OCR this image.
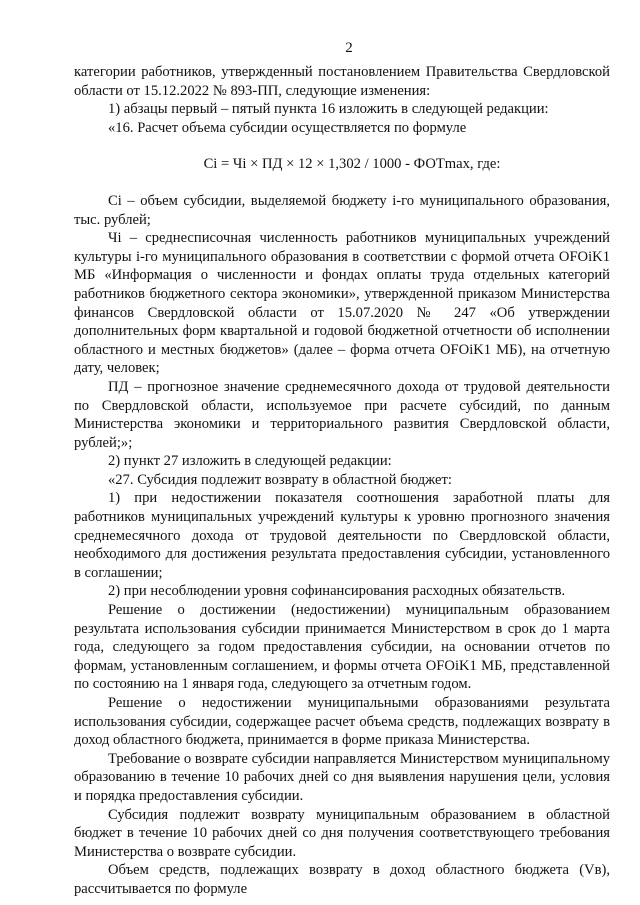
2

категории работников, утвержденный постановлением Правительства Свердловской области от 15.12.2022 № 893-ПП, следующие изменения:

1) абзацы первый – пятый пункта 16 изложить в следующей редакции:

«16. Расчет объема субсидии осуществляется по формуле

Ci = Чi × ПД × 12 × 1,302 / 1000 - ФОТmax, где:

Ci – объем субсидии, выделяемой бюджету i-го муниципального образования, тыс. рублей;

Чi – среднесписочная численность работников муниципальных учреждений культуры i-го муниципального образования в соответствии с формой отчета ОFOiK1 МБ «Информация о численности и фондах оплаты труда отдельных категорий работников бюджетного сектора экономики», утвержденной приказом Министерства финансов Свердловской области от 15.07.2020 № 247 «Об утверждении дополнительных форм квартальной и годовой бюджетной отчетности об исполнении областного и местных бюджетов» (далее – форма отчета ОFOiK1 МБ), на отчетную дату, человек;

ПД – прогнозное значение среднемесячного дохода от трудовой деятельности по Свердловской области, используемое при расчете субсидий, по данным Министерства экономики и территориального развития Свердловской области, рублей;»;

2) пункт 27 изложить в следующей редакции:

«27. Субсидия подлежит возврату в областной бюджет:

1) при недостижении показателя соотношения заработной платы для работников муниципальных учреждений культуры к уровню прогнозного значения среднемесячного дохода от трудовой деятельности по Свердловской области, необходимого для достижения результата предоставления субсидии, установленного в соглашении;

2) при несоблюдении уровня софинансирования расходных обязательств.

Решение о достижении (недостижении) муниципальным образованием результата использования субсидии принимается Министерством в срок до 1 марта года, следующего за годом предоставления субсидии, на основании отчетов по формам, установленным соглашением, и формы отчета ОFOiK1 МБ, представленной по состоянию на 1 января года, следующего за отчетным годом.

Решение о недостижении муниципальными образованиями результата использования субсидии, содержащее расчет объема средств, подлежащих возврату в доход областного бюджета, принимается в форме приказа Министерства.

Требование о возврате субсидии направляется Министерством муниципальному образованию в течение 10 рабочих дней со дня выявления нарушения цели, условия и порядка предоставления субсидии.

Субсидия подлежит возврату муниципальным образованием в областной бюджет в течение 10 рабочих дней со дня получения соответствующего требования Министерства о возврате субсидии.

Объем средств, подлежащих возврату в доход областного бюджета (Vв), рассчитывается по формуле
